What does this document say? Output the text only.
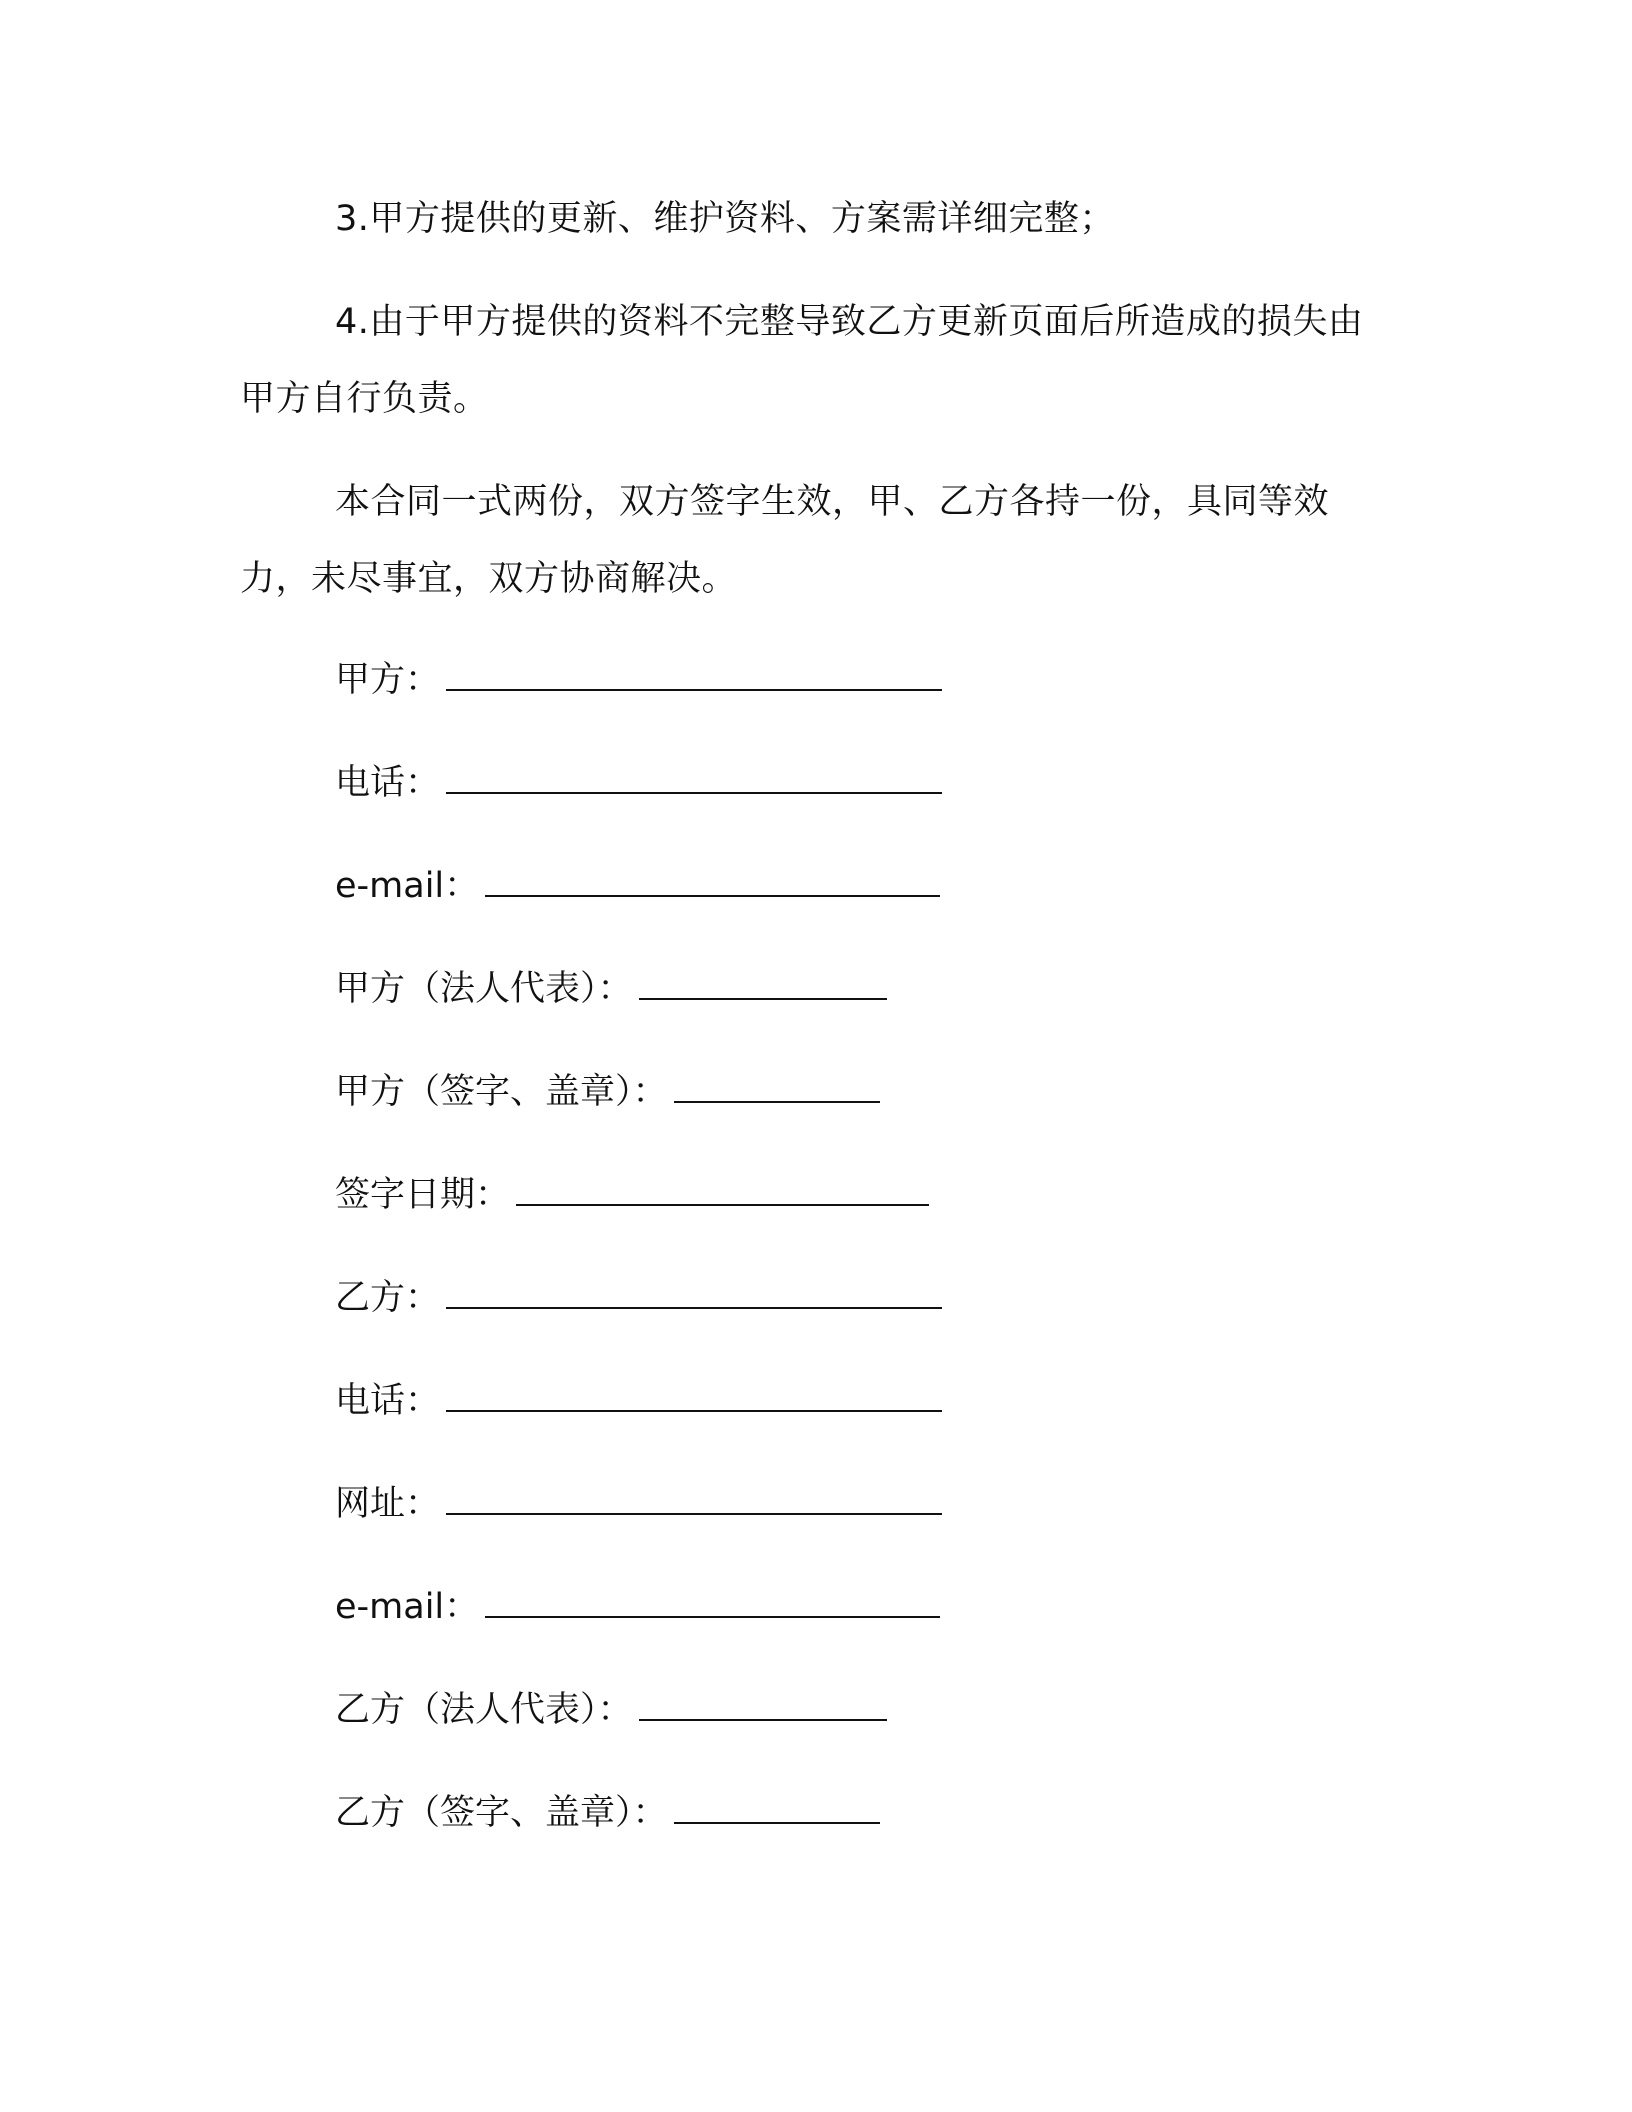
3.甲方提供的更新、维护资料、方案需详细完整；

4.由于甲方提供的资料不完整导致乙方更新页面后所造成的损失由甲方自行负责。

本合同一式两份，双方签字生效，甲、乙方各持一份，具同等效力，未尽事宜，双方协商解决。

甲方：
电话：
e-mail：
甲方（法人代表）：
甲方（签字、盖章）：
签字日期：
乙方：
电话：
网址：
e-mail：
乙方（法人代表）：
乙方（签字、盖章）：
